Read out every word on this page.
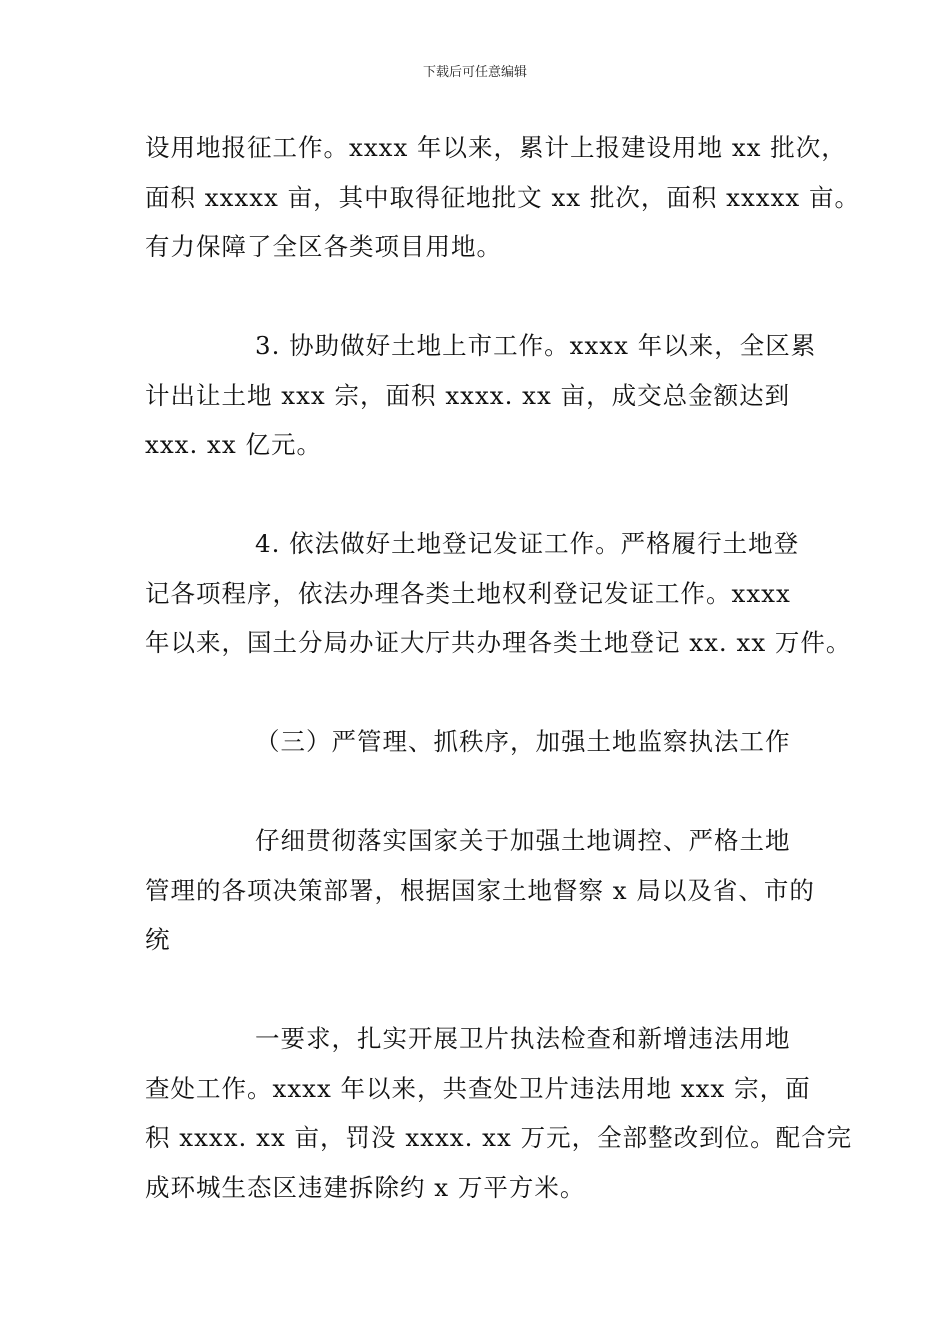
下载后可任意编辑
设用地报征工作。xxxx 年以来，累计上报建设用地 xx 批次，
面积 xxxxx 亩，其中取得征地批文 xx 批次，面积 xxxxx 亩。
有力保障了全区各类项目用地。
3. 协助做好土地上市工作。xxxx 年以来，全区累
计出让土地 xxx 宗，面积 xxxx. xx 亩，成交总金额达到
xxx. xx 亿元。
4. 依法做好土地登记发证工作。严格履行土地登
记各项程序，依法办理各类土地权利登记发证工作。xxxx
年以来，国土分局办证大厅共办理各类土地登记 xx. xx 万件。
（三）严管理、抓秩序，加强土地监察执法工作
仔细贯彻落实国家关于加强土地调控、严格土地
管理的各项决策部署，根据国家土地督察 x 局以及省、市的
统
一要求，扎实开展卫片执法检查和新增违法用地
查处工作。xxxx 年以来，共查处卫片违法用地 xxx 宗，面
积 xxxx. xx 亩，罚没 xxxx. xx 万元，全部整改到位。配合完
成环城生态区违建拆除约 x 万平方米。
